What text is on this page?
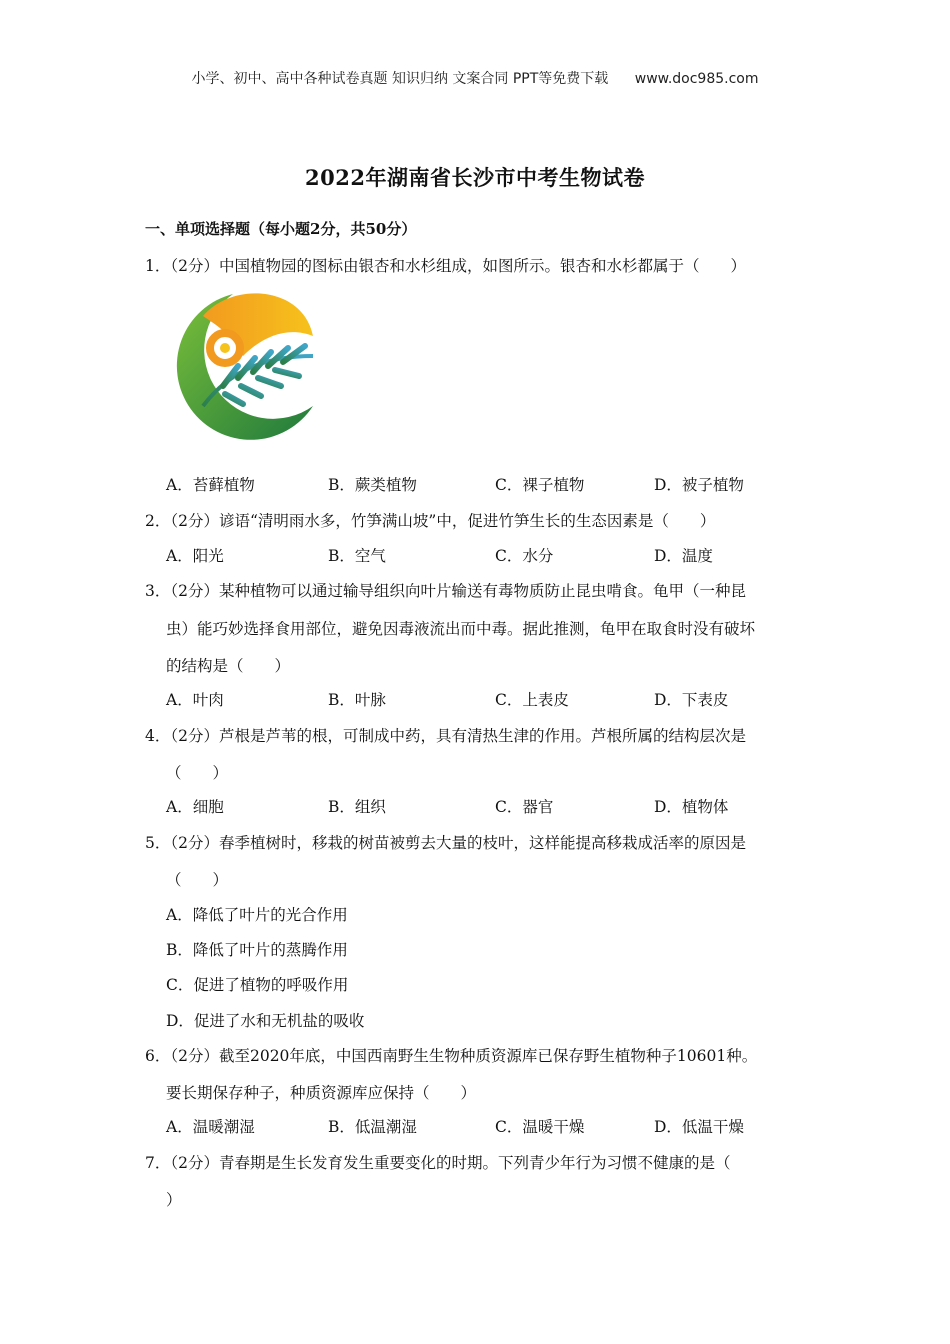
小学、初中、高中各种试卷真题 知识归纳 文案合同 PPT等免费下载 www.doc985.com
2022年湖南省长沙市中考生物试卷
一、单项选择题（每小题2分，共50分）
1．（2分）中国植物园的图标由银杏和水杉组成，如图所示。银杏和水杉都属于（　　）
A．苔藓植物	B．蕨类植物	C．裸子植物	D．被子植物
2．（2分）谚语“清明雨水多，竹笋满山坡”中，促进竹笋生长的生态因素是（　　）
A．阳光	B．空气	C．水分	D．温度
3．（2分）某种植物可以通过输导组织向叶片输送有毒物质防止昆虫啃食。龟甲（一种昆
虫）能巧妙选择食用部位，避免因毒液流出而中毒。据此推测，龟甲在取食时没有破坏
的结构是（　　）
A．叶肉	B．叶脉	C．上表皮	D．下表皮
4．（2分）芦根是芦苇的根，可制成中药，具有清热生津的作用。芦根所属的结构层次是
（　　）
A．细胞	B．组织	C．器官	D．植物体
5．（2分）春季植树时，移栽的树苗被剪去大量的枝叶，这样能提高移栽成活率的原因是
（　　）
A．降低了叶片的光合作用
B．降低了叶片的蒸腾作用
C．促进了植物的呼吸作用
D．促进了水和无机盐的吸收
6．（2分）截至2020年底，中国西南野生生物种质资源库已保存野生植物种子10601种。
要长期保存种子，种质资源库应保持（　　）
A．温暖潮湿	B．低温潮湿	C．温暖干燥	D．低温干燥
7．（2分）青春期是生长发育发生重要变化的时期。下列青少年行为习惯不健康的是（
）
